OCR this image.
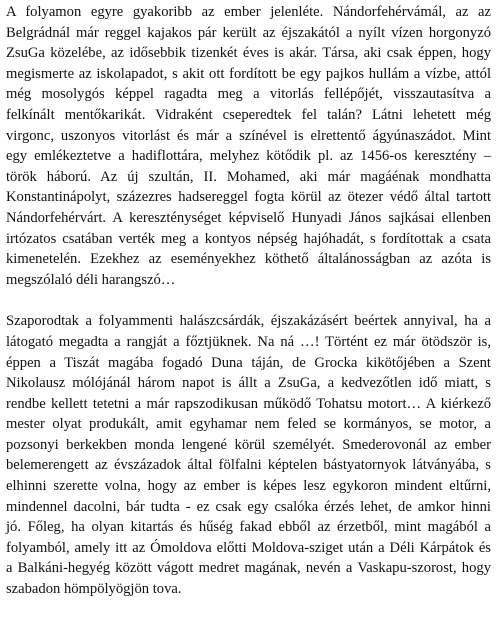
A folyamon egyre gyakoribb az ember jelenléte. Nándorfehérvámál, az az
Belgrádnál már reggel kajakos pár került az éjszakától a nyílt vízen horgonyzó
ZsuGa közelébe, az idősebbik tizenkét éves is akár. Társa, aki csak éppen, hogy
megismerte az iskolapadot, s akit ott fordított be egy pajkos hullám a vízbe, attól
még mosolygós képpel ragadta meg a vitorlás fellépőjét, visszautasítva a
felkínált mentőkarikát. Vidraként cseperedtek fel talán? Látni lehetett még
virgonc, uszonyos vitorlást és már a színével is elrettentő ágyúnaszádot. Mint
egy emlékeztetve a hadiflottára, melyhez kötődik pl. az 1456-os keresztény –
török háború. Az új szultán, II. Mohamed, aki már magáénak mondhatta
Konstantinápolyt, százezres hadsereggel fogta körül az ötezer védő által tartott
Nándorfehérvárt. A kereszténységet képviselő Hunyadi János sajkásai ellenben
irtózatos csatában verték meg a kontyos népség hajóhadát, s fordítottak a csata
kimenetelén. Ezekhez az eseményekhez köthető általánosságban az azóta is
megszólaló déli harangszó…
Szaporodtak a folyammenti halászcsárdák, éjszakázásért beértek annyival, ha a
látogató megadta a rangját a főztjüknek. Na ná …! Történt ez már ötödször is,
éppen a Tiszát magába fogadó Duna táján, de Grocka kikötőjében a Szent
Nikolausz mólójánál három napot is állt a ZsuGa, a kedvezőtlen idő miatt, s
rendbe kellett tetetni a már rapszodikusan működő Tohatsu motort… A kiérkező
mester olyat produkált, amit egyhamar nem feled se kormányos, se motor, a
pozsonyi berkekben monda lengené körül személyét. Smederovonál az ember
belemerengett az évszázadok által fölfalni képtelen bástyatornyok látványába, s
elhinni szerette volna, hogy az ember is képes lesz egykoron mindent eltűrni,
mindennel dacolni, bár tudta - ez csak egy csalóka érzés lehet, de amkor hinni
jó. Főleg, ha olyan kitartás és hűség fakad ebből az érzetből, mint magából a
folyamból, amely itt az Ómoldova előtti Moldova-sziget után a Déli Kárpátok és
a Balkáni-hegyég között vágott medret magának, nevén a Vaskapu-szorost, hogy
szabadon hömpölyögjön tova.
